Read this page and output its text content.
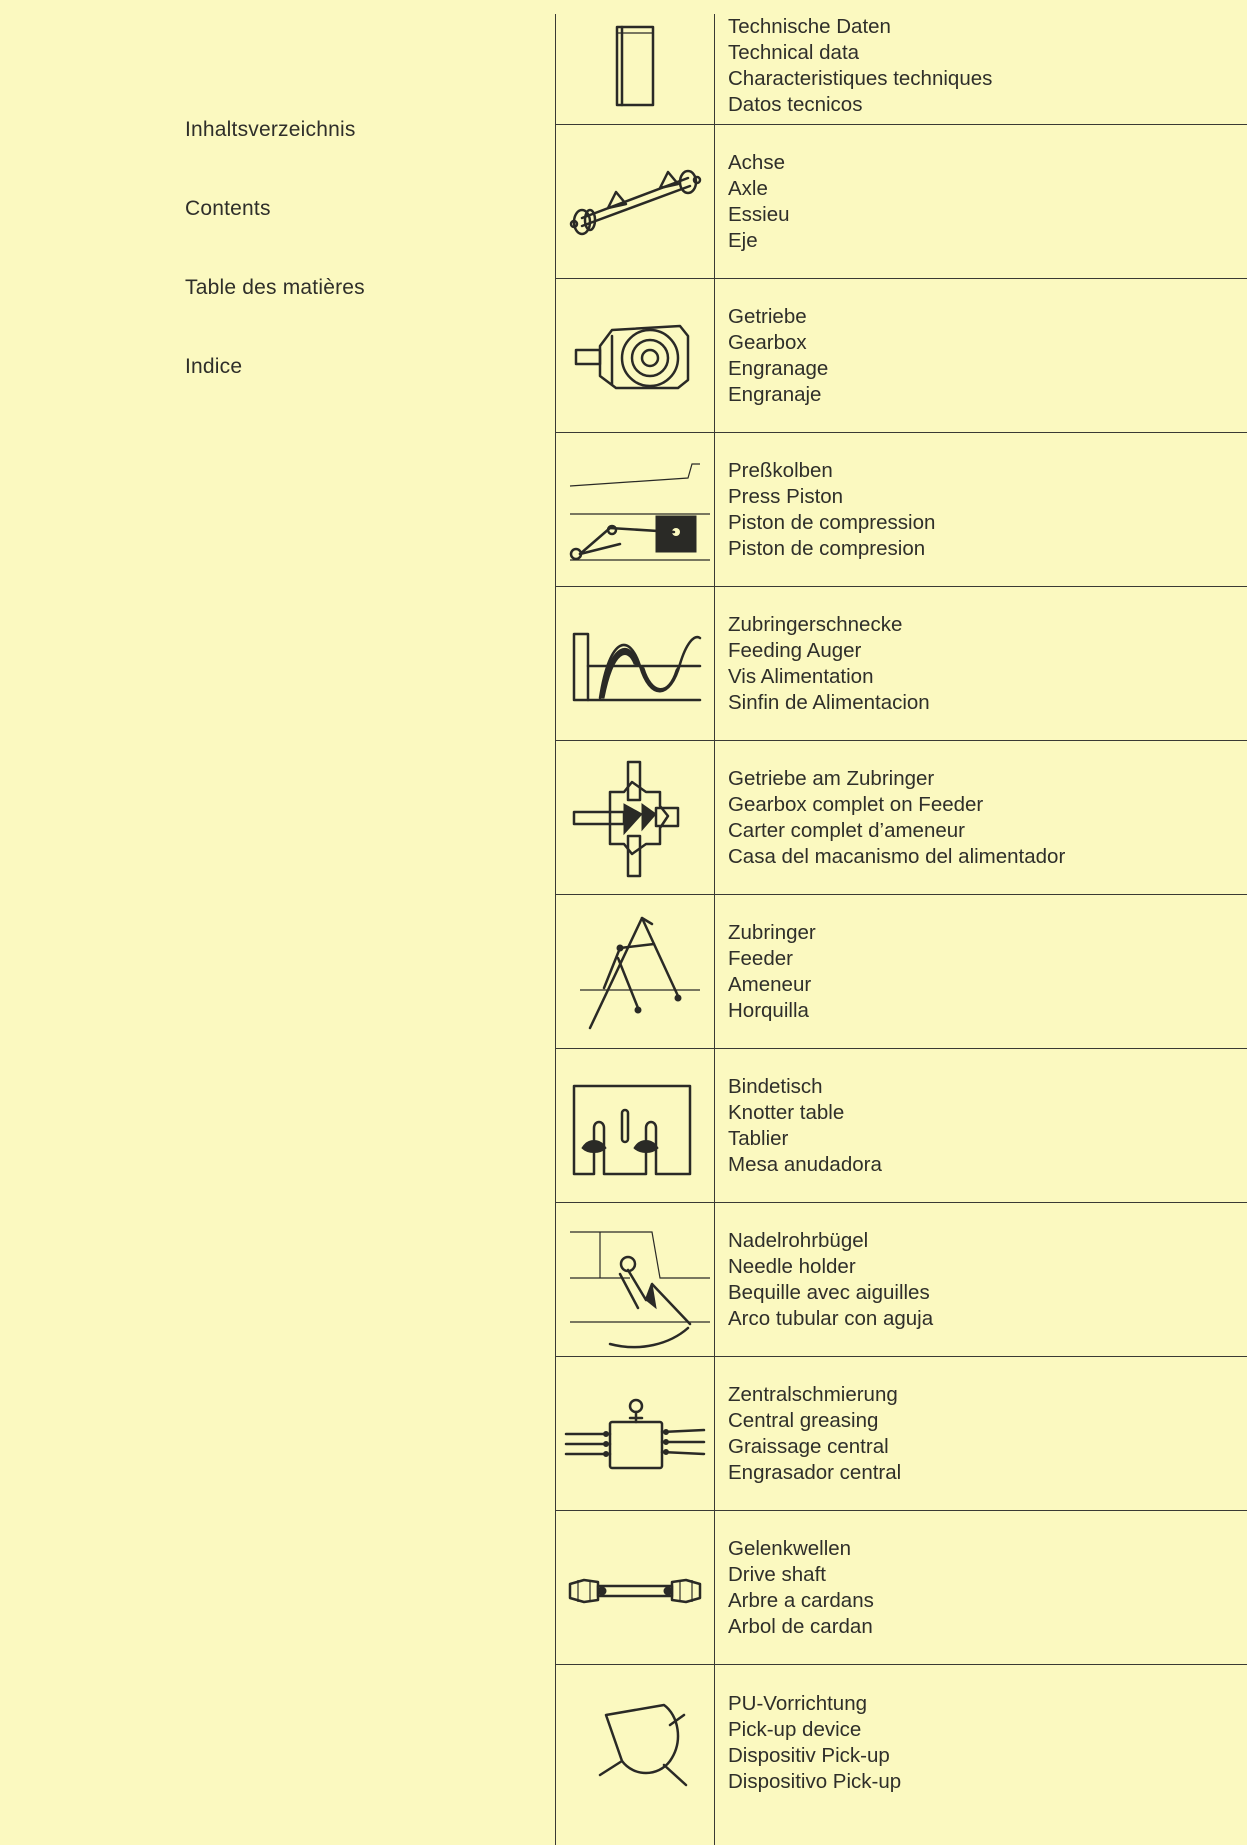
Inhaltsverzeichnis
Contents
Table des matières
Indice
Technische Daten
Technical data
Characteristiques techniques
Datos tecnicos
Achse
Axle
Essieu
Eje
Getriebe
Gearbox
Engranage
Engranaje
Preßkolben
Press Piston
Piston de compression
Piston de compresion
Zubringerschnecke
Feeding Auger
Vis Alimentation
Sinfin de Alimentacion
Getriebe am Zubringer
Gearbox complet on Feeder
Carter complet d’ameneur
Casa del macanismo del alimentador
Zubringer
Feeder
Ameneur
Horquilla
Bindetisch
Knotter table
Tablier
Mesa anudadora
Nadelrohrbügel
Needle holder
Bequille avec aiguilles
Arco tubular con aguja
Zentralschmierung
Central greasing
Graissage central
Engrasador central
Gelenkwellen
Drive shaft
Arbre a cardans
Arbol de cardan
PU-Vorrichtung
Pick-up device
Dispositiv Pick-up
Dispositivo Pick-up
